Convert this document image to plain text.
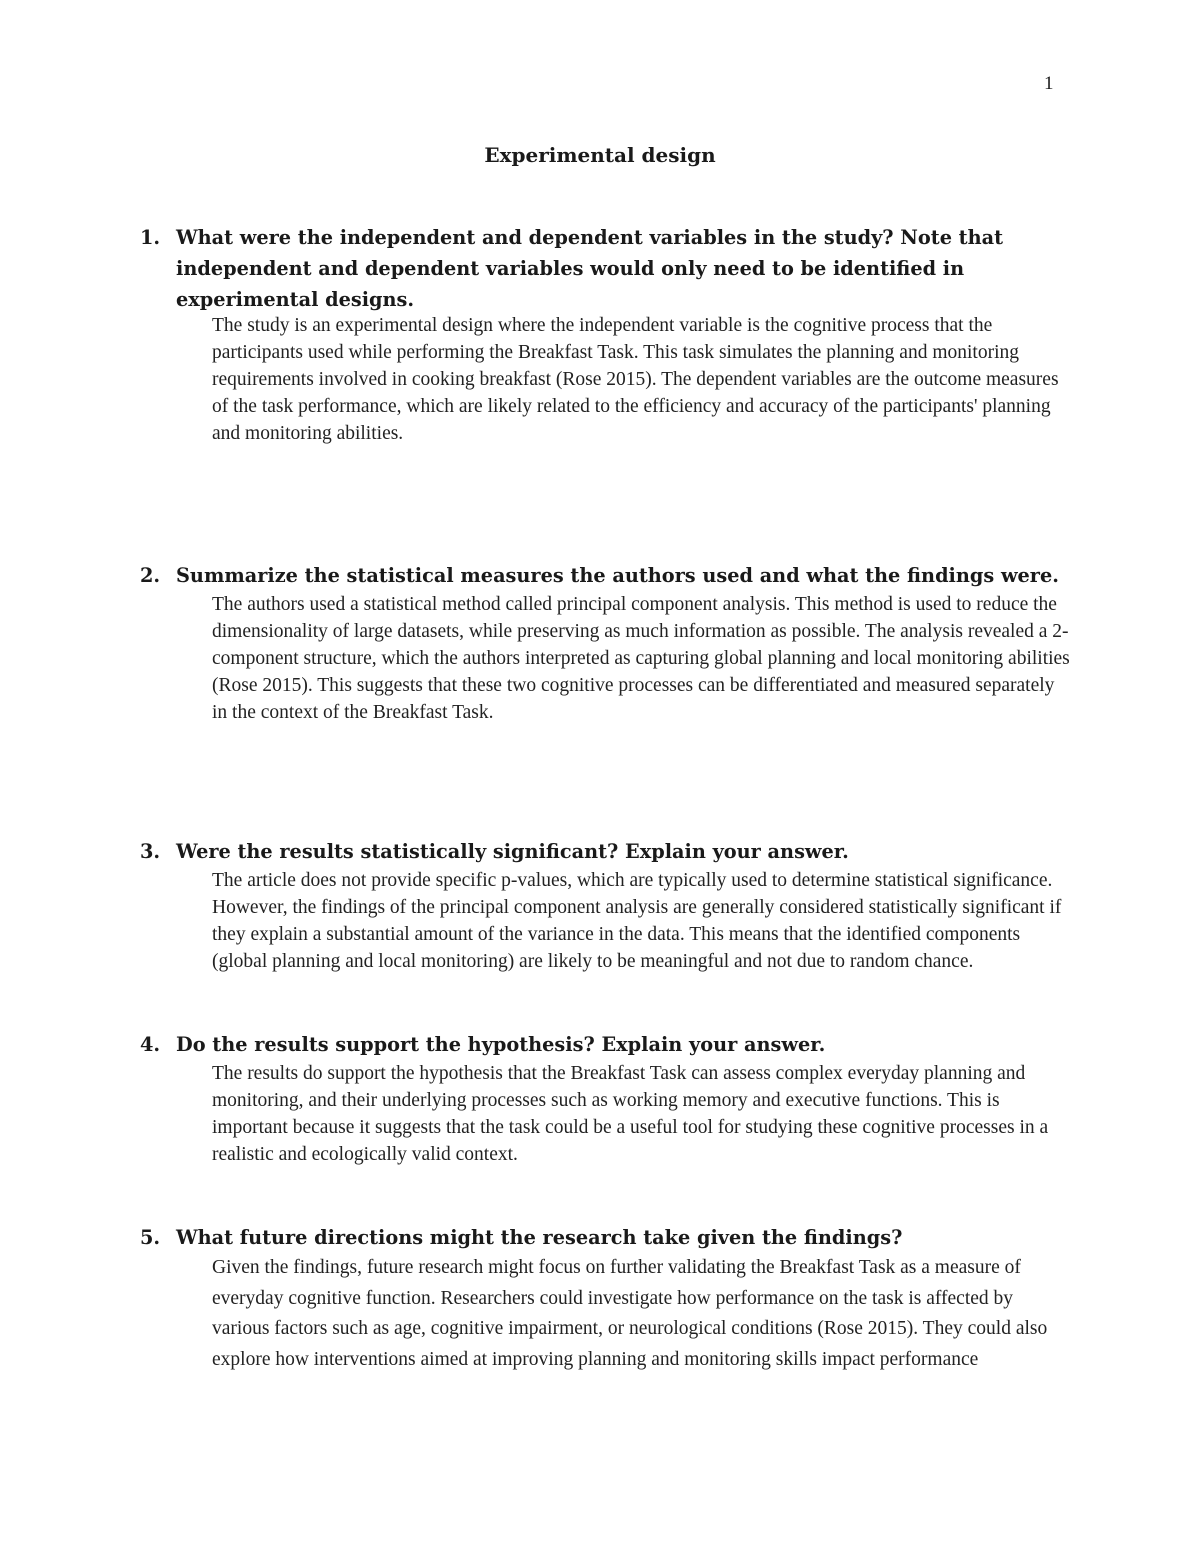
1
Experimental design
1. What were the independent and dependent variables in the study? Note that independent and dependent variables would only need to be identified in experimental designs.
The study is an experimental design where the independent variable is the cognitive process that the participants used while performing the Breakfast Task. This task simulates the planning and monitoring requirements involved in cooking breakfast (Rose 2015). The dependent variables are the outcome measures of the task performance, which are likely related to the efficiency and accuracy of the participants' planning and monitoring abilities.
2. Summarize the statistical measures the authors used and what the findings were.
The authors used a statistical method called principal component analysis. This method is used to reduce the dimensionality of large datasets, while preserving as much information as possible. The analysis revealed a 2-component structure, which the authors interpreted as capturing global planning and local monitoring abilities (Rose 2015). This suggests that these two cognitive processes can be differentiated and measured separately in the context of the Breakfast Task.
3. Were the results statistically significant? Explain your answer.
The article does not provide specific p-values, which are typically used to determine statistical significance. However, the findings of the principal component analysis are generally considered statistically significant if they explain a substantial amount of the variance in the data. This means that the identified components (global planning and local monitoring) are likely to be meaningful and not due to random chance.
4. Do the results support the hypothesis? Explain your answer.
The results do support the hypothesis that the Breakfast Task can assess complex everyday planning and monitoring, and their underlying processes such as working memory and executive functions. This is important because it suggests that the task could be a useful tool for studying these cognitive processes in a realistic and ecologically valid context.
5. What future directions might the research take given the findings?
Given the findings, future research might focus on further validating the Breakfast Task as a measure of everyday cognitive function. Researchers could investigate how performance on the task is affected by various factors such as age, cognitive impairment, or neurological conditions (Rose 2015). They could also explore how interventions aimed at improving planning and monitoring skills impact performance
